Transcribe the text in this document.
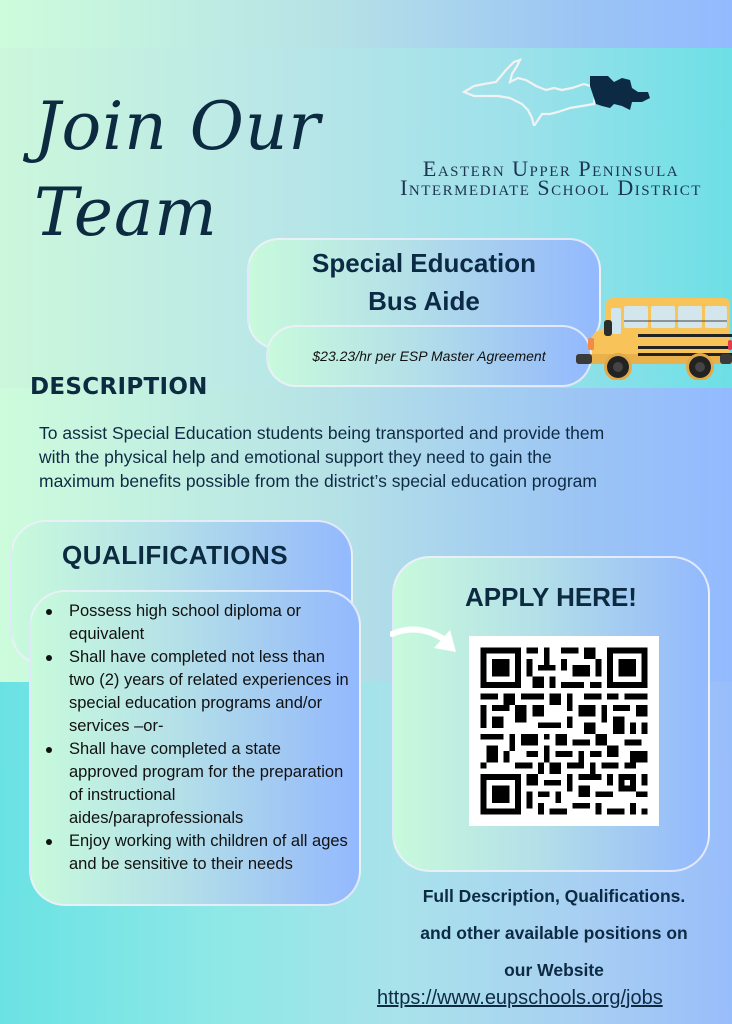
Join Our
Team
Eastern Upper Peninsula
Intermediate School District
Special Education
Bus Aide
$23.23/hr per ESP Master Agreement
DESCRIPTION
To assist Special Education students being transported and provide them
with the physical help and emotional support they need to gain the
maximum benefits possible from the district’s special education program
QUALIFICATIONS
Possess high school diploma or equivalent
Shall have completed not less than two (2) years of related experiences in special education programs and/or services –or-
Shall have completed a state approved program for the preparation of instructional aides/paraprofessionals
Enjoy working with children of all ages and be sensitive to their needs
APPLY HERE!
Full Description, Qualifications.
and other available positions on
our Website
https://www.eupschools.org/jobs
